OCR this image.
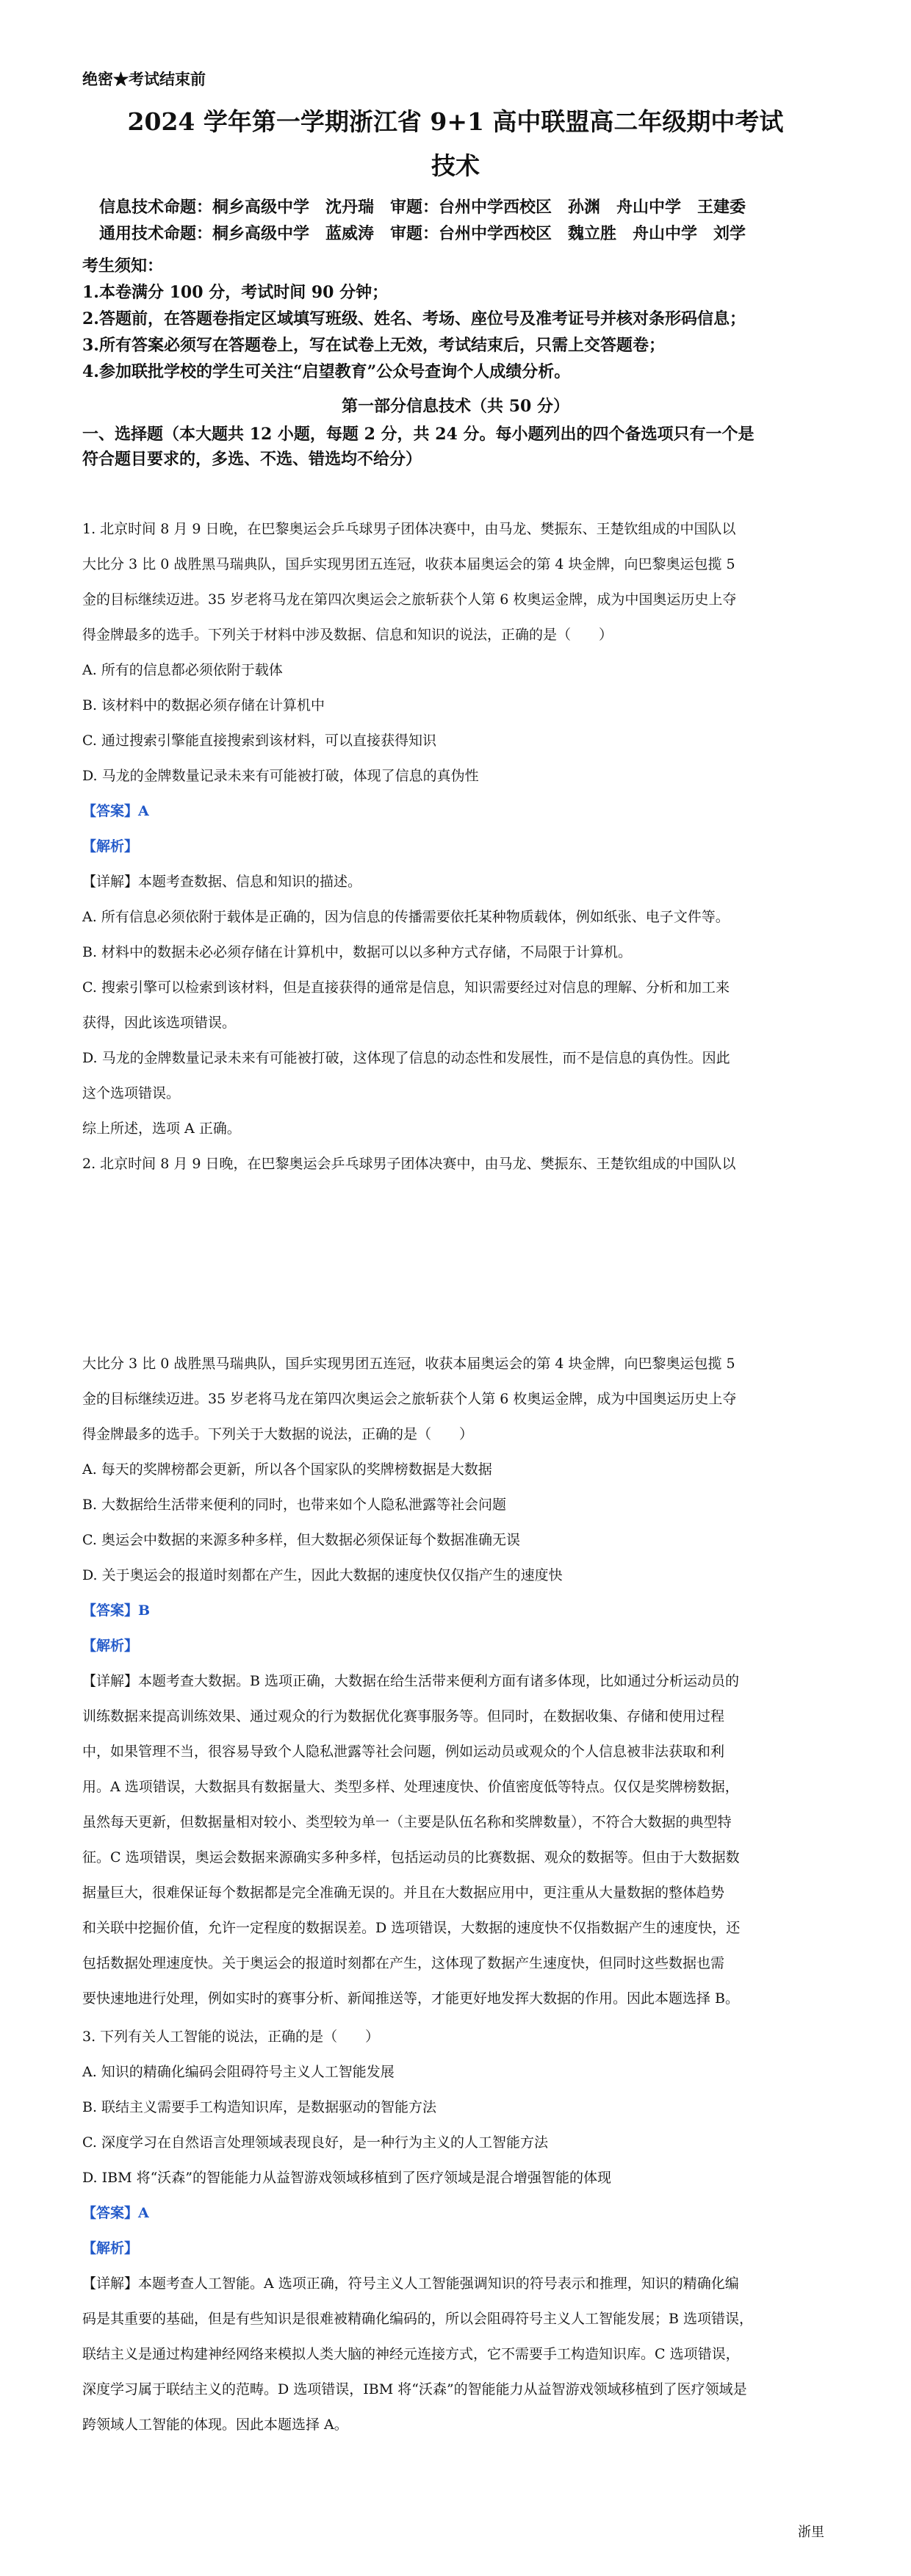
绝密★考试结束前
2024 学年第一学期浙江省 9+1 高中联盟高二年级期中考试
技术
信息技术命题：桐乡高级中学　沈丹瑞　审题：台州中学西校区　孙渊　舟山中学　王建委
通用技术命题：桐乡高级中学　蓝威涛　审题：台州中学西校区　魏立胜　舟山中学　刘学
考生须知：
1.本卷满分 100 分，考试时间 90 分钟；
2.答题前，在答题卷指定区域填写班级、姓名、考场、座位号及准考证号并核对条形码信息；
3.所有答案必须写在答题卷上，写在试卷上无效，考试结束后，只需上交答题卷；
4.参加联批学校的学生可关注“启望教育”公众号查询个人成绩分析。
第一部分信息技术（共 50 分）
一、选择题（本大题共 12 小题，每题 2 分，共 24 分。每小题列出的四个备选项只有一个是
符合题目要求的，多选、不选、错选均不给分）

1. 北京时间 8 月 9 日晚，在巴黎奥运会乒乓球男子团体决赛中，由马龙、樊振东、王楚钦组成的中国队以

大比分 3 比 0 战胜黑马瑞典队，国乒实现男团五连冠，收获本届奥运会的第 4 块金牌，向巴黎奥运包揽 5

金的目标继续迈进。35 岁老将马龙在第四次奥运会之旅斩获个人第 6 枚奥运金牌，成为中国奥运历史上夺

得金牌最多的选手。下列关于材料中涉及数据、信息和知识的说法，正确的是（　　）

A. 所有的信息都必须依附于载体

B. 该材料中的数据必须存储在计算机中

C. 通过搜索引擎能直接搜索到该材料，可以直接获得知识

D. 马龙的金牌数量记录未来有可能被打破，体现了信息的真伪性

【答案】A

【解析】

【详解】本题考查数据、信息和知识的描述。

A. 所有信息必须依附于载体是正确的，因为信息的传播需要依托某种物质载体，例如纸张、电子文件等。

B. 材料中的数据未必必须存储在计算机中，数据可以以多种方式存储，不局限于计算机。

C. 搜索引擎可以检索到该材料，但是直接获得的通常是信息，知识需要经过对信息的理解、分析和加工来

获得，因此该选项错误。

D. 马龙的金牌数量记录未来有可能被打破，这体现了信息的动态性和发展性，而不是信息的真伪性。因此

这个选项错误。

综上所述，选项 A 正确。

2. 北京时间 8 月 9 日晚，在巴黎奥运会乒乓球男子团体决赛中，由马龙、樊振东、王楚钦组成的中国队以

大比分 3 比 0 战胜黑马瑞典队，国乒实现男团五连冠，收获本届奥运会的第 4 块金牌，向巴黎奥运包揽 5

金的目标继续迈进。35 岁老将马龙在第四次奥运会之旅斩获个人第 6 枚奥运金牌，成为中国奥运历史上夺

得金牌最多的选手。下列关于大数据的说法，正确的是（　　）

A. 每天的奖牌榜都会更新，所以各个国家队的奖牌榜数据是大数据

B. 大数据给生活带来便利的同时，也带来如个人隐私泄露等社会问题

C. 奥运会中数据的来源多种多样，但大数据必须保证每个数据准确无误

D. 关于奥运会的报道时刻都在产生，因此大数据的速度快仅仅指产生的速度快

【答案】B

【解析】

【详解】本题考查大数据。B 选项正确，大数据在给生活带来便利方面有诸多体现，比如通过分析运动员的

训练数据来提高训练效果、通过观众的行为数据优化赛事服务等。但同时，在数据收集、存储和使用过程

中，如果管理不当，很容易导致个人隐私泄露等社会问题，例如运动员或观众的个人信息被非法获取和利

用。A 选项错误，大数据具有数据量大、类型多样、处理速度快、价值密度低等特点。仅仅是奖牌榜数据，

虽然每天更新，但数据量相对较小、类型较为单一（主要是队伍名称和奖牌数量），不符合大数据的典型特

征。C 选项错误，奥运会数据来源确实多种多样，包括运动员的比赛数据、观众的数据等。但由于大数据数

据量巨大，很难保证每个数据都是完全准确无误的。并且在大数据应用中，更注重从大量数据的整体趋势

和关联中挖掘价值，允许一定程度的数据误差。D 选项错误，大数据的速度快不仅指数据产生的速度快，还

包括数据处理速度快。关于奥运会的报道时刻都在产生，这体现了数据产生速度快，但同时这些数据也需

要快速地进行处理，例如实时的赛事分析、新闻推送等，才能更好地发挥大数据的作用。因此本题选择 B。

3. 下列有关人工智能的说法，正确的是（　　）

A. 知识的精确化编码会阻碍符号主义人工智能发展

B. 联结主义需要手工构造知识库，是数据驱动的智能方法

C. 深度学习在自然语言处理领域表现良好，是一种行为主义的人工智能方法

D. IBM 将“沃森”的智能能力从益智游戏领域移植到了医疗领域是混合增强智能的体现

【答案】A

【解析】

【详解】本题考查人工智能。A 选项正确，符号主义人工智能强调知识的符号表示和推理，知识的精确化编

码是其重要的基础，但是有些知识是很难被精确化编码的，所以会阻碍符号主义人工智能发展；B 选项错误，

联结主义是通过构建神经网络来模拟人类大脑的神经元连接方式，它不需要手工构造知识库。C 选项错误，

深度学习属于联结主义的范畴。D 选项错误，IBM 将“沃森”的智能能力从益智游戏领域移植到了医疗领域是

跨领域人工智能的体现。因此本题选择 A。

浙里
